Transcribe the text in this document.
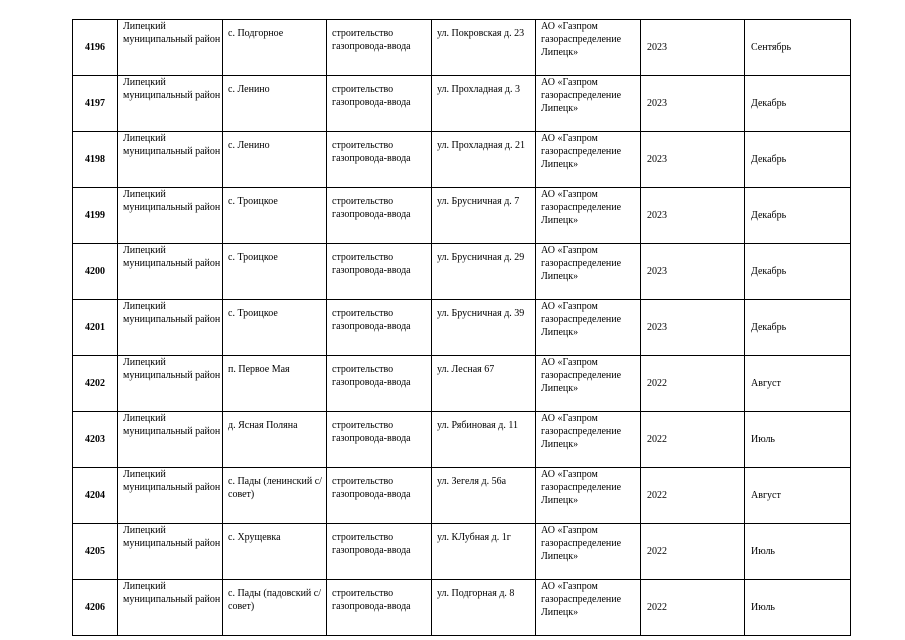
4196	Липецкий муниципальный район	с. Подгорное	строительство газопровода-ввода	ул. Покровская д. 23	АО «Газпром газораспределение Липецк»	2023	Сентябрь
4197	Липецкий муниципальный район	с. Ленино	строительство газопровода-ввода	ул. Прохладная д. 3	АО «Газпром газораспределение Липецк»	2023	Декабрь
4198	Липецкий муниципальный район	с. Ленино	строительство газопровода-ввода	ул. Прохладная д. 21	АО «Газпром газораспределение Липецк»	2023	Декабрь
4199	Липецкий муниципальный район	с. Троицкое	строительство газопровода-ввода	ул. Брусничная д. 7	АО «Газпром газораспределение Липецк»	2023	Декабрь
4200	Липецкий муниципальный район	с. Троицкое	строительство газопровода-ввода	ул. Брусничная д. 29	АО «Газпром газораспределение Липецк»	2023	Декабрь
4201	Липецкий муниципальный район	с. Троицкое	строительство газопровода-ввода	ул. Брусничная д. 39	АО «Газпром газораспределение Липецк»	2023	Декабрь
4202	Липецкий муниципальный район	п. Первое Мая	строительство газопровода-ввода	ул. Лесная 67	АО «Газпром газораспределение Липецк»	2022	Август
4203	Липецкий муниципальный район	д. Ясная Поляна	строительство газопровода-ввода	ул. Рябиновая д. 11	АО «Газпром газораспределение Липецк»	2022	Июль
4204	Липецкий муниципальный район	с. Пады (ленинский с/совет)	строительство газопровода-ввода	ул. Зегеля д. 56а	АО «Газпром газораспределение Липецк»	2022	Август
4205	Липецкий муниципальный район	с. Хрущевка	строительство газопровода-ввода	ул. КЛубная д. 1г	АО «Газпром газораспределение Липецк»	2022	Июль
4206	Липецкий муниципальный район	с. Пады (падовский с/совет)	строительство газопровода-ввода	ул. Подгорная д. 8	АО «Газпром газораспределение Липецк»	2022	Июль
